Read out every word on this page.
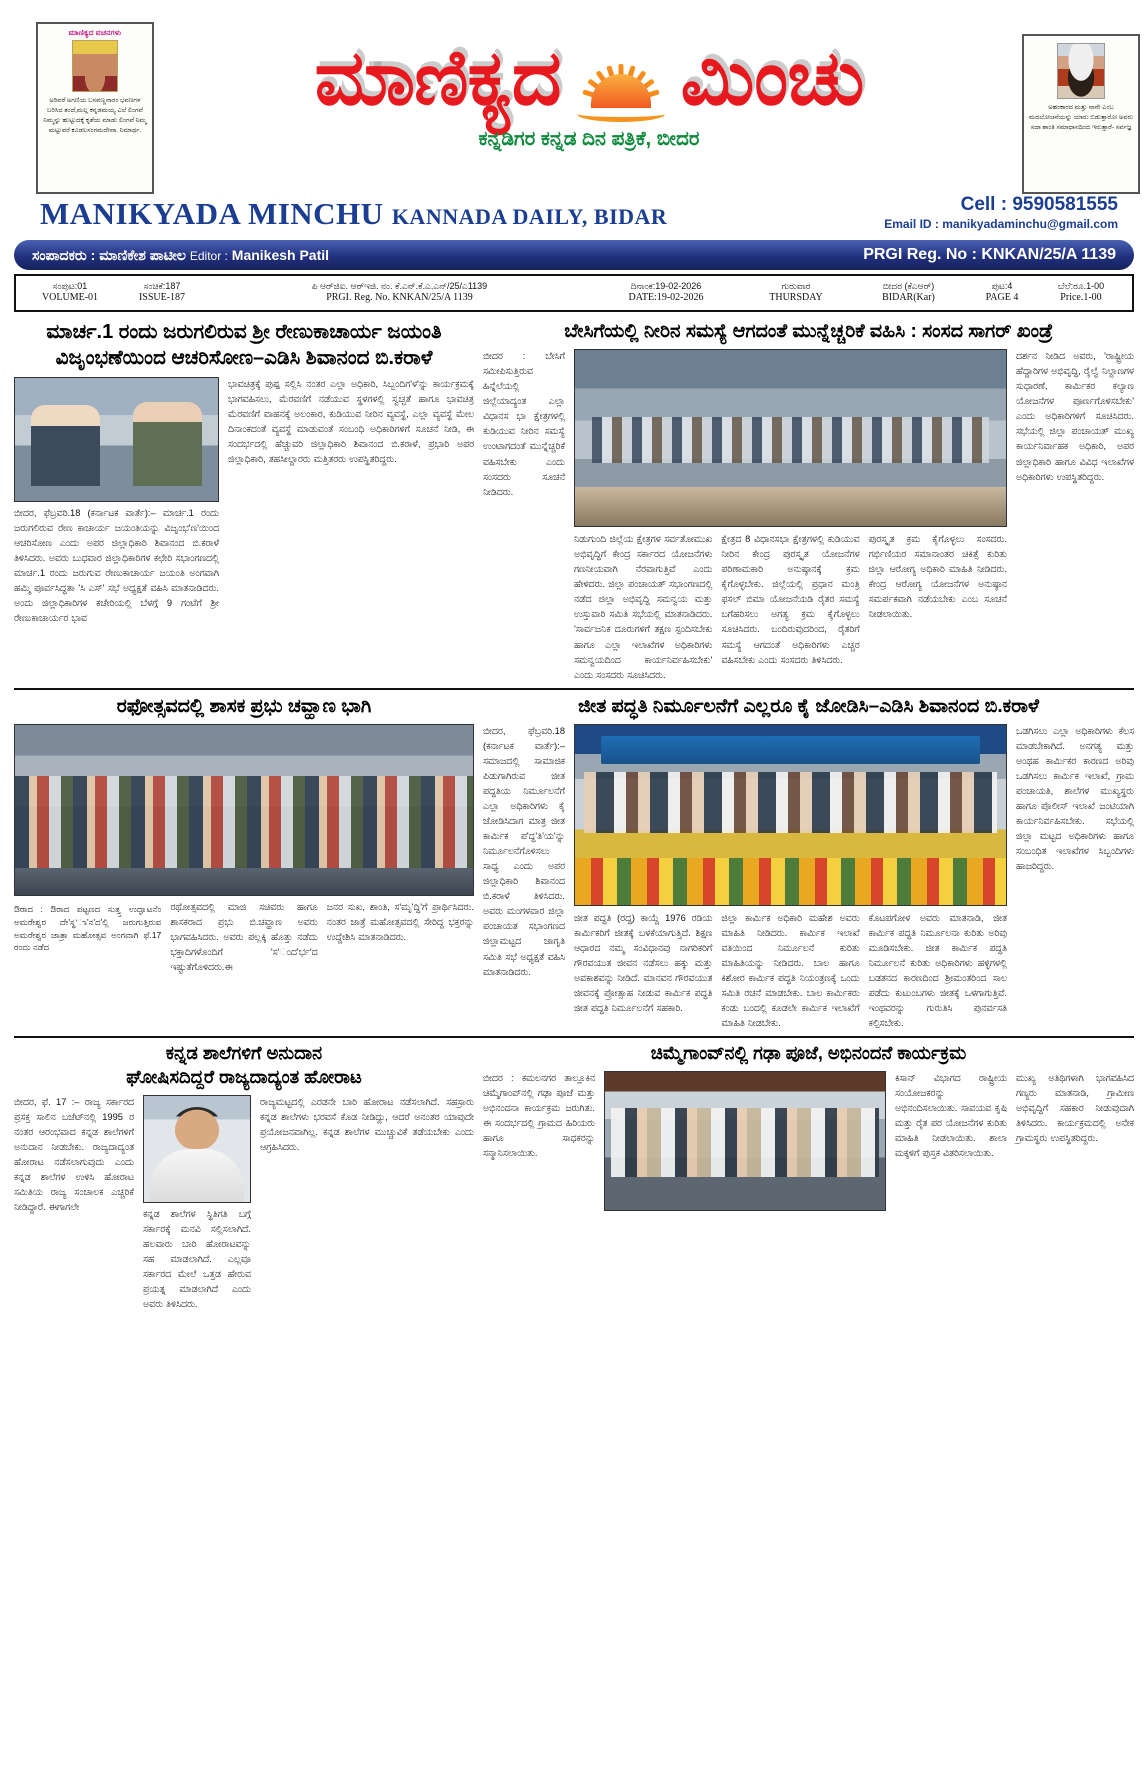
ಮಾಣಿಕ್ಯದ ವಚನಗಳು
ಅರಿವರೆ ಅಗಣಿಯ ಬಸವಣ್ಣನಾರಂ ಭವಣಗಳ ಬರಿಸಿದ ತಂದೆ,ಮಲ್ಲ ಕನ್ನಡಮಯ್ಯ ಎಲೆ ಲಿಂಗವೆ ನಿಮ್ಮನ್ನು ಹುಟ್ಟುದಕ್ಕೆ ಕೃಶೆಯ ಮಾಡು ಲಿಂಗವೆ ನಿಮ್ಮ ಮಟ್ಟುವರೆ ಕೂಡಲಸಂಗಮದೇವಾ. ನಿಮಾರ್ಥ.
ಮಾಣಿಕ್ಯದ ಮಿಂಚು
ಕನ್ನಡಿಗರ ಕನ್ನಡ ದಿನ ಪತ್ರಿಕೆ, ಬೀದರ
ಅಹಂಕಾರದ ಮತ್ತು ನಾನೇ ಎಂಬ ಮದಲೋಚನೆಯನ್ನು ಯಾರು ಬಿಡುತ್ತಾರೋ ಅವರು ಸದಾ ಶಾಂತಿ ಸಮಾಧಾನದಿಂದ ಇರುತ್ತಾರೆ- ಸರ್ವಜ್ಞ
MANIKYADA MINCHU KANNADA DAILY, BIDAR	Cell : 9590581555
Email ID : manikyadaminchu@gmail.com
ಸಂಪಾದಕರು : ಮಾಣಿಕೇಶ ಪಾಟೀಲ Editor : Manikesh Patil	PRGI Reg. No : KNKAN/25/A 1139
ಸಂಪುಟ:01
VOLUME-01
ಸಂಚಿಕೆ:187
ISSUE-187
ಪಿ ಆರ್‌ಜಿಐ. ಆರ್‌ಇಜಿ. ನಂ. ಕೆ.ಎನ್.ಕೆ.ಎ.ಎನ್/25/ಎ1139
PRGI. Reg. No. KNKAN/25/A 1139
ದಿನಾಂಕ:19-02-2026
DATE:19-02-2026
ಗುರುವಾರ
THURSDAY
ಬೀದರ (ಕೆಎಆರ್)
BIDAR(Kar)
ಪುಟ:4
PAGE 4
ಬೆಲೆ:ರೂ.1-00
Price.1-00
ಮಾರ್ಚ.1 ರಂದು ಜರುಗಲಿರುವ ಶ್ರೀ ರೇಣುಕಾಚಾರ್ಯ ಜಯಂತಿ
ವಿಜೃಂಭಣೆಯಿಂದ ಆಚರಿಸೋಣ–ಎಡಿಸಿ ಶಿವಾನಂದ ಬಿ.ಕರಾಳೆ
ಬೀದರ, ಫೆಬ್ರವರಿ.18 (ಕರ್ನಾಟಕ ವಾರ್ತೆ):– ಮಾರ್ಚ.1 ರಂದು ಜರುಗಲಿರುವ ರೇಣ ಕಾಚಾರ್ಯ ಜಯಂತಿಯನ್ನು ವಿಜೃಂಭ'ಣ'ಯಿಂದ ಆಚರಿಸೋಣ ಎಂದು ಅಪರ ಜಿಲ್ಲಾಧಿಕಾರಿ ಶಿವಾನಂದ ಬಿ.ಕರಾಳೆ ತಿಳಿಸಿದರು. ಅವರು ಬುಧವಾರ ಜಿಲ್ಲಾಧಿಕಾರಿಗಳ ಕಛೇರಿ ಸಭಾಂಗಣದಲ್ಲಿ ಮಾರ್ಚ.1 ರಂದು ಜರುಗುವ ರೇಣುಕಾಚಾರ್ಯ ಜಯಂತಿ ಅಂಗವಾಗಿ ಹಮ್ಮಿ ಪೂರ್ವಸಿದ್ಧತಾ 'ಸಿ ಎಸ್' ಸಭೆ ಅಧ್ಯಕ್ಷತೆ ವಹಿಸಿ ಮಾತನಾಡಿದರು. ಅಂದು ಜಿಲ್ಲಾಧಿಕಾರಿಗಳ ಕಚೇರಿಯಲ್ಲಿ ಬೆಳಗ್ಗೆ 9 ಗಂಟೆಗೆ ಶ್ರೀ ರೇಣುಕಾಚಾರ್ಯರ ಭಾವ
ಭಾವಚಿತ್ರಕ್ಕೆ ಪುಷ್ಪ ಸಲ್ಲಿಸಿ ನಂತರ ಎಲ್ಲಾ ಅಧಿಕಾರಿ, ಸಿಬ್ಬಂದಿಗ'ಳ'ನ್ನು ಕಾರ್ಯಕ್ರಮಕ್ಕೆ ಭಾಗವಹಿಸಲು, ಮೆರವಣಿಗೆ ನಡೆಯುವ ಸ್ಥಳಗಳಲ್ಲಿ ಸ್ವಚ್ಛತೆ ಹಾಗೂ ಭಾವಚಿತ್ರ ಮೆರವಣಿಗೆ ವಾಹನಕ್ಕೆ ಅಲಂಕಾರ, ಕುಡಿಯುವ ನೀರಿನ ವ್ಯವಸ್ಥೆ, ಎಲ್ಲಾ ವ್ಯವಸ್ಥೆ ಮೇಲ ದಿನಾಂಕದಂತೆ ವ್ಯವಸ್ಥೆ ಮಾಡುವಂತೆ ಸಂಬಂಧಿ ಅಧಿಕಾರಿಗಳಿಗೆ ಸೂಚನೆ ನೀಡಿ, ಈ ಸಂದರ್ಭದಲ್ಲಿ ಹೆಚ್ಚುವರಿ ಜಿಲ್ಲಾಧಿಕಾರಿ ಶಿವಾನಂದ ಬಿ.ಕರಾಳೆ, ಪ್ರಭಾರಿ ಅಪರ ಜಿಲ್ಲಾಧಿಕಾರಿ, ತಹಸೀಲ್ದಾರರು ಮತ್ತಿತರರು ಉಪಸ್ಥಿತರಿದ್ದರು.
ಬೇಸಿಗೆಯಲ್ಲಿ ನೀರಿನ ಸಮಸ್ಯೆ ಆಗದಂತೆ ಮುನ್ನೆಚ್ಚರಿಕೆ ವಹಿಸಿ : ಸಂಸದ ಸಾಗರ್ ಖಂಡ್ರೆ
ಬೀದರ : ಬೇಸಿಗೆ ಸಮೀಪಿಸುತ್ತಿರುವ ಹಿನ್ನೆಲೆಯಲ್ಲಿ ಜಿಲ್ಲೆಯಾದ್ಯಂತ ಎಲ್ಲಾ ವಿಧಾನಸ ಭಾ ಕ್ಷೇತ್ರಗಳಲ್ಲಿ ಕುಡಿಯುವ ನೀರಿನ ಸಮಸ್ಯೆ ಉಂಟಾಗದಂತೆ ಮುನ್ನೆಚ್ಚರಿಕೆ ವಹಿಸಬೇಕು ಎಂದು ಸಂಸದರು ಸೂಚನೆ ನೀಡಿದರು.
ನಿಡುಗುಂದಿ ಜಿಲ್ಲೆಯ ಕ್ಷೇತ್ರಗಳ ಸರ್ವತೋಮುಖ ಅಭಿವೃದ್ಧಿಗೆ ಕೇಂದ್ರ ಸರ್ಕಾರದ ಯೋಜನೆಗಳು ಗಣನೀಯವಾಗಿ ನೆರವಾಗುತ್ತಿವೆ ಎಂದು ಹೇಳಿದರು. ಜಿಲ್ಲಾ ಪಂಚಾಯತ್ ಸಭಾಂಗಣದಲ್ಲಿ ನಡೆದ ಜಿಲ್ಲಾ ಅಭಿವೃದ್ಧಿ ಸಮನ್ವಯ ಮತ್ತು ಉಸ್ತುವಾರಿ ಸಮಿತಿ ಸಭೆಯಲ್ಲಿ ಮಾತನಾಡಿದರು. 'ಸಾರ್ವಜನಿಕ ದೂರುಗಳಿಗೆ ತಕ್ಷಣ ಸ್ಪಂದಿಸಬೇಕು ಹಾಗೂ ಎಲ್ಲಾ ಇಲಾಖೆಗಳ ಅಧಿಕಾರಿಗಳು ಸಮನ್ವಯದಿಂದ ಕಾರ್ಯನಿರ್ವಹಿಸಬೇಕು' ಎಂದು ಸಂಸದರು ಸೂಚಿಸಿದರು.
ಕ್ಷೇತ್ರದ 8 ವಿಧಾನಸಭಾ ಕ್ಷೇತ್ರಗಳಲ್ಲಿ ಕುಡಿಯುವ ನೀರಿನ ಕೇಂದ್ರ ಪುರಸ್ಕೃತ ಯೋಜನೆಗಳ ಪರಿಣಾಮಕಾರಿ ಅನುಷ್ಠಾನಕ್ಕೆ ಕ್ರಮ ಕೈಗೊಳ್ಳಬೇಕು. ಜಿಲ್ಲೆಯಲ್ಲಿ ಪ್ರಧಾನ ಮಂತ್ರಿ ಫಸಲ್ ಬಿಮಾ ಯೋಜನೆಯಡಿ ರೈತರ ಸಮಸ್ಯೆ ಬಗೆಹರಿಸಲು ಅಗತ್ಯ ಕ್ರಮ ಕೈಗೊಳ್ಳಲು ಸೂಚಿಸಿದರು. ಬಂದಿರುವುದರಿಂದ, ರೈತರಿಗೆ ಸಮಸ್ಯೆ ಆಗದಂತೆ ಅಧಿಕಾರಿಗಳು ಎಚ್ಚರ ವಹಿಸಬೇಕು ಎಂದು ಸಂಸದರು ತಿಳಿಸಿದರು.
ಪುರಸ್ಕೃತ ಕ್ರಮ ಕೈಗೊಳ್ಳಲು ಸಂಸದರು. ಗರ್ಭಿಣಿಯರ ಸಮಾನಾಂತರ ಚಿಕಿತ್ಸೆ ಕುರಿತು ಜಿಲ್ಲಾ ಆರೋಗ್ಯ ಅಧಿಕಾರಿ ಮಾಹಿತಿ ನೀಡಿದರು. ಕೇಂದ್ರ ಆರೋಗ್ಯ ಯೋಜನೆಗಳ ಅನುಷ್ಠಾನ ಸಮರ್ಪಕವಾಗಿ ನಡೆಯಬೇಕು ಎಂಬ ಸೂಚನೆ ನೀಡಲಾಯಿತು.
ದರ್ಶನ ನೀಡಿದ ಅವರು, 'ರಾಷ್ಟ್ರೀಯ ಹೆದ್ದಾರಿಗಳ ಅಭಿವೃದ್ಧಿ, ರೈಲ್ವೆ ನಿಲ್ದಾಣಗಳ ಸುಧಾರಣೆ, ಕಾರ್ಮಿಕರ ಕಲ್ಯಾಣ ಯೋಜನೆಗಳ ಪೂರ್ಣಗೊಳಿಸಬೇಕು' ಎಂದು ಅಧಿಕಾರಿಗಳಿಗೆ ಸೂಚಿಸಿದರು. ಸಭೆಯಲ್ಲಿ ಜಿಲ್ಲಾ ಪಂಚಾಯತ್ ಮುಖ್ಯ ಕಾರ್ಯನಿರ್ವಾಹಕ ಅಧಿಕಾರಿ, ಅಪರ ಜಿಲ್ಲಾಧಿಕಾರಿ ಹಾಗೂ ವಿವಿಧ ಇಲಾಖೆಗಳ ಅಧಿಕಾರಿಗಳು ಉಪಸ್ಥಿತರಿದ್ದರು.
ರಫೋತ್ಸವದಲ್ಲಿ ಶಾಸಕ ಪ್ರಭು ಚವ್ಹಾಣ ಭಾಗಿ	ಜೀತ ಪದ್ಧತಿ ನಿರ್ಮೂಲನೆಗೆ ಎಲ್ಲರೂ ಕೈ ಜೋಡಿಸಿ–ಎಡಿಸಿ ಶಿವಾನಂದ ಬಿ.ಕರಾಳೆ
ಔರಾದ : ಔರಾದ ಪಟ್ಟಣದ ಸುತ್ತ್ತ ಉದ್ಘಾಟನೆಂ ಅಮರೇಶ್ವರ ದೇ'ಸ್ಥ'ಾ'ನ'ದ'ಲ್ಲಿ ಜರುಗುತ್ತಿರುವ ಅಮರೇಶ್ವರ ಜಾತ್ರಾ ಮಹೋತ್ಸವ ಅಂಗವಾಗಿ ಫೆ.17 ರಂದು ನಡೆದ
ರಥೋತ್ಸವದಲ್ಲಿ ಮಾಜಿ ಸಚಿವರು ಹಾಗೂ ಶಾಸಕರಾದ ಪ್ರಭು ಬಿ.ಚವ್ಹಾಣ ಅವರು ಭಾಗವಹಿಸಿದರು. ಅವರು ಪಲ್ಲಕ್ಕಿ ಹೊತ್ತು ನಡೆದು ಭಕ್ತಾದಿಗಳೊಂದಿಗೆ 'ಸ'ಂದ'ರ್ಭ'ದ ಇಷ್ಟುತೆಗೊಳಿದರು.ಈ
ಜನರ ಸುಖ, ಶಾಂತಿ, ಸ'ಮೃ'ದ್ಧಿ'ಗೆ ಪ್ರಾರ್ಥಿಸಿದರು. ನಂತರ ಜಾತ್ರೆ ಮಹೋತ್ಸವದಲ್ಲಿ ಸೇರಿದ್ದ ಭಕ್ತರನ್ನು ಉದ್ದೇಶಿಸಿ ಮಾತನಾಡಿದರು.
ಬೀದರ, ಫೆಬ್ರವರಿ.18 (ಕರ್ನಾಟಕ ವಾರ್ತೆ):– ಸಮಾಜದಲ್ಲಿ ಸಾಮಾಜಿಕ ಪಿಡುಗಾಗಿರುವ ಜೀತ ಪದ್ಧತಿಯ ನಿರ್ಮೂಲನೆಗೆ ಎಲ್ಲಾ ಅಧಿಕಾರಿಗಳು ಕೈ ಜೋಡಿಸಿದಾಗ ಮಾತ್ರ ಜೀತ ಕಾರ್ಮಿಕ ಪ'ದ್ಧ'ತಿ'ಯ'ನ್ನು ನಿರ್ಮೂಲನೆಗೊಳಿಸಲು ಸಾಧ್ಯ ಎಂದು ಅಪರ ಜಿಲ್ಲಾಧಿಕಾರಿ ಶಿವಾನಂದ ಬಿ.ಕರಾಳೆ ತಿಳಿಸಿದರು. ಅವರು ಮಂಗಳವಾರ ಜಿಲ್ಲಾ ಪಂಚಾಯತ ಸಭಾಂಗಣದ ಜಿಲ್ಲಾಮಟ್ಟದ ಜಾಗೃತಿ ಸಮಿತಿ ಸಭೆ ಅಧ್ಯಕ್ಷತೆ ವಹಿಸಿ ಮಾತನಾಡಿದರು.
ಜೀತ ಪದ್ಧತಿ (ರದ್ಧ) ಕಾಯ್ದೆ 1976 ರಡಿಯ ಕಾರ್ಮಿಕರಿಗೆ ಜೀತಕ್ಕೆ ಬಳಕೆಯಾಗುತ್ತಿದೆ. ಶಿಕ್ಷಣ ಆಧಾರದ ನಮ್ಮ ಸಂವಿಧಾನವು ನಾಗರಿಕರಿಗೆ ಗೌರವಯುತ ಜೀವನ ನಡೆಸಲು ಹಕ್ಕು ಮತ್ತು ಅವಕಾಶವನ್ನು ನೀಡಿದೆ. ಮಾನವನ ಗೌರವಯುತ ಜೀವನಕ್ಕೆ ಪ್ರೋತ್ಸಾಹ ನೀಡುವ ಕಾರ್ಮಿಕ ಪದ್ಧತಿ ಜೀತ ಪದ್ಧತಿ ನಿರ್ಮೂಲನೆಗೆ ಸಹಕಾರಿ.
ಜಿಲ್ಲಾ ಕಾರ್ಮಿಕ ಅಧಿಕಾರಿ ಮಹೇಶ ಅವರು ಮಾಹಿತಿ ನೀಡಿದರು. ಕಾರ್ಮಿಕ ಇಲಾಖೆ ವತಿಯಿಂದ ನಿರ್ಮೂಲನೆ ಕುರಿತು ಮಾಹಿತಿಯನ್ನು ನೀಡಿದರು. ಬಾಲ ಹಾಗೂ ಕಿಶೋರ ಕಾರ್ಮಿಕ ಪದ್ಧತಿ ನಿಯಂತ್ರಣಕ್ಕೆ ಒಂದು ಸಮಿತಿ ರಚನೆ ಮಾಡಬೇಕು. ಬಾಲ ಕಾರ್ಮಿಕರು ಕಂಡು ಬಂದಲ್ಲಿ ಕೂಡಲೇ ಕಾರ್ಮಿಕ ಇಲಾಖೆಗೆ ಮಾಹಿತಿ ನೀಡಬೇಕು.
ಕೊಟಪಗೋಳ ಅವರು ಮಾತನಾಡಿ, ಜೀತ ಕಾರ್ಮಿಕ ಪದ್ಧತಿ ನಿರ್ಮೂಲನಾ ಕುರಿತು ಅರಿವು ಮೂಡಿಸಬೇಕು. ಜೀತ ಕಾರ್ಮಿಕ ಪದ್ಧತಿ ನಿರ್ಮೂಲನೆ ಕುರಿತು ಅಧಿಕಾರಿಗಳು ಹಳ್ಳಿಗಳಲ್ಲಿ ಬಡತನದ ಕಾರಣದಿಂದ ಶ್ರೀಮಂತರಿಂದ ಸಾಲ ಪಡೆದು ಕುಟುಂಬಗಳು ಜೀತಕ್ಕೆ ಒಳಗಾಗುತ್ತಿವೆ. ಇಂಥವರನ್ನು ಗುರುತಿಸಿ ಪುನರ್ವಸತಿ ಕಲ್ಪಿಸಬೇಕು.
ಒಡಗಿಸಲು ಎಲ್ಲಾ ಅಧಿಕಾರಿಗಳು ಕೆಲಸ ಮಾಡಬೇಕಾಗಿದೆ. ಅನಗತ್ಯ ಮತ್ತು ಅಂಥಹ ಕಾರ್ಮಿಕರ ಕಾರಣದ ಅರಿವು ಒಡಗಿಸಲು ಕಾರ್ಮಿಕ ಇಲಾಖೆ, ಗ್ರಾಮ ಪಂಚಾಯತಿ, ಶಾಲೆಗಳ ಮುಖ್ಯಸ್ಥರು ಹಾಗೂ ಪೊಲೀಸ್ ಇಲಾಖೆ ಜಂಟಿಯಾಗಿ ಕಾರ್ಯನಿರ್ವಹಿಸಬೇಕು. ಸಭೆಯಲ್ಲಿ ಜಿಲ್ಲಾ ಮಟ್ಟದ ಅಧಿಕಾರಿಗಳು ಹಾಗೂ ಸಂಬಂಧಿತ ಇಲಾಖೆಗಳ ಸಿಬ್ಬಂದಿಗಳು ಹಾಜರಿದ್ದರು.
ಕನ್ನಡ ಶಾಲೆಗಳಿಗೆ ಅನುದಾನ
ಘೋಷಿಸದಿದ್ದರೆ ರಾಜ್ಯದಾದ್ಯಂತ ಹೋರಾಟ
ಬೀದರ, ಫೆ. 17 :– ರಾಜ್ಯ ಸರ್ಕಾರದ ಪ್ರಸಕ್ತ ಸಾಲಿನ ಬಜೆಟ್‌ನಲ್ಲಿ 1995 ರ ನಂತರ ಆರಂಭವಾದ ಕನ್ನಡ ಶಾಲೆಗಳಿಗೆ ಅನುದಾನ ನೀಡಬೇಕು. ರಾಜ್ಯದಾದ್ಯಂತ ಹೋರಾಟ ನಡೆಸಲಾಗುವುದು ಎಂದು ಕನ್ನಡ ಶಾಲೆಗಳ ಉಳಿಸಿ ಹೋರಾಟ ಸಮಿತಿಯ ರಾಜ್ಯ ಸಂಚಾಲಕ ಎಚ್ಚರಿಕೆ ನೀಡಿದ್ದಾರೆ. ಈಗಾಗಲೇ
ಕನ್ನಡ ಶಾಲೆಗಳ ಸ್ಥಿತಿಗತಿ ಬಗ್ಗೆ ಸರ್ಕಾರಕ್ಕೆ ಮನವಿ ಸಲ್ಲಿಸಲಾಗಿದೆ. ಹಲವಾರು ಬಾರಿ ಹೋರಾಟವನ್ನು ಸಹ ಮಾಡಲಾಗಿದೆ. ಎಲ್ಲವೂ ಸರ್ಕಾರದ ಮೇಲೆ ಒತ್ತಡ ಹೇರುವ ಪ್ರಯತ್ನ ಮಾಡಲಾಗಿದೆ ಎಂದು ಅವರು ತಿಳಿಸಿದರು.
ರಾಜ್ಯಮಟ್ಟದಲ್ಲಿ ಎರಡನೇ ಬಾರಿ ಹೋರಾಟ ನಡೆಸಲಾಗಿದೆ. ಸಹಸ್ರಾರು ಕನ್ನಡ ಶಾಲೆಗಳು ಭರವಸೆ ಕೊಡ ನೀಡಿದ್ದು, ಆದರೆ ಅನಂತರ ಯಾವುದೇ ಪ್ರಯೋಜನವಾಗಿಲ್ಲ. ಕನ್ನಡ ಶಾಲೆಗಳ ಮುಚ್ಚುವಿಕೆ ತಡೆಯಬೇಕು ಎಂದು ಆಗ್ರಹಿಸಿದರು.
ಚಿಮ್ಮೆಗಾಂವ್‌ನಲ್ಲಿ ಗಢಾ ಪೂಜೆ, ಅಭಿನಂದನೆ ಕಾರ್ಯಕ್ರಮ
ಬೀದರ : ಕಮಲನಗರ ತಾಲ್ಲೂಕಿನ ಚಿಮ್ಮೆಗಾಂವ್‌ನಲ್ಲಿ ಗಢಾ ಪೂಜೆ ಮತ್ತು ಅಭಿನಂದನಾ ಕಾರ್ಯಕ್ರಮ ಜರುಗಿತು. ಈ ಸಂದರ್ಭದಲ್ಲಿ ಗ್ರಾಮದ ಹಿರಿಯರು ಹಾಗೂ ಸಾಧಕರನ್ನು ಸನ್ಮಾನಿಸಲಾಯಿತು.
ಕಿಸಾನ್ ವಿಭಾಗದ ರಾಷ್ಟ್ರೀಯ ಸಂಯೋಜಕರನ್ನು ಅಭಿನಂದಿಸಲಾಯಿತು. ಸಾವಯವ ಕೃಷಿ ಮತ್ತು ರೈತ ಪರ ಯೋಜನೆಗಳ ಕುರಿತು ಮಾಹಿತಿ ನೀಡಲಾಯಿತು. ಶಾಲಾ ಮಕ್ಕಳಿಗೆ ಪುಸ್ತಕ ವಿತರಿಸಲಾಯಿತು.
ಮುಖ್ಯ ಅತಿಥಿಗಳಾಗಿ ಭಾಗವಹಿಸಿದ ಗಣ್ಯರು ಮಾತನಾಡಿ, ಗ್ರಾಮೀಣ ಅಭಿವೃದ್ಧಿಗೆ ಸಹಕಾರ ನೀಡುವುದಾಗಿ ತಿಳಿಸಿದರು. ಕಾರ್ಯಕ್ರಮದಲ್ಲಿ ಅನೇಕ ಗ್ರಾಮಸ್ಥರು ಉಪಸ್ಥಿತರಿದ್ದರು.
